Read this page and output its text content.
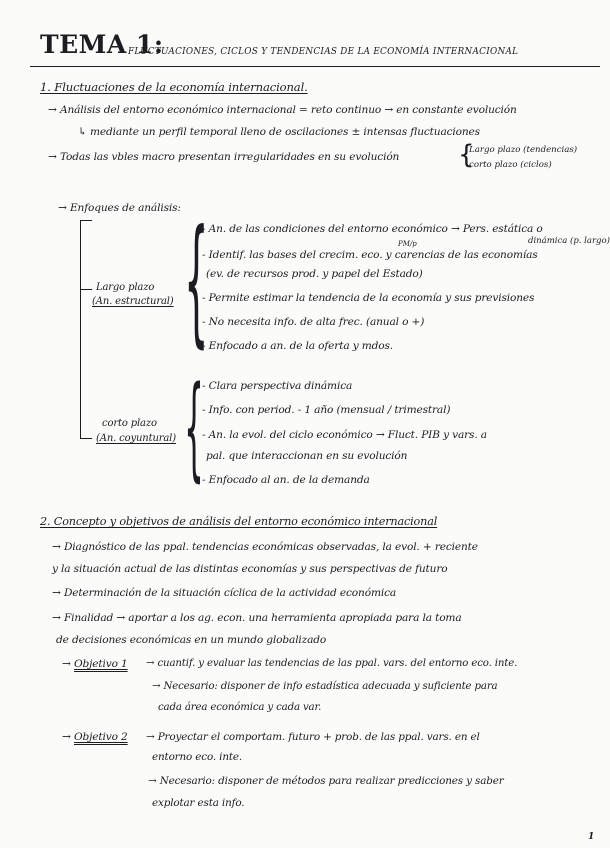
TEMA 1:
FLUCTUACIONES, CICLOS Y TENDENCIAS DE LA ECONOMÍA INTERNACIONAL
1. Fluctuaciones de la economía internacional.
→ Análisis del entorno económico internacional = reto continuo → en constante evolución
↳ mediante un perfil temporal lleno de oscilaciones ± intensas fluctuaciones
→ Todas las vbles macro presentan irregularidades en su evolución {
Largo plazo (tendencias)
corto plazo (ciclos)
→ Enfoques de análisis:
Largo plazo
(An. estructural) {
- An. de las condiciones del entorno económico → Pers. estática o
dinámica (p. largo)
PM/p
- Identif. las bases del crecim. eco. y carencias de las economías
(ev. de recursos prod. y papel del Estado)
- Permite estimar la tendencia de la economía y sus previsiones
- No necesita info. de alta frec. (anual o +)
- Enfocado a an. de la oferta y mdos.
corto plazo
(An. coyuntural) {
- Clara perspectiva dinámica
- Info. con period. - 1 año (mensual / trimestral)
- An. la evol. del ciclo económico → Fluct. PIB y vars. a
pal. que interaccionan en su evolución
- Enfocado al an. de la demanda
2. Concepto y objetivos de análisis del entorno económico internacional
→ Diagnóstico de las ppal. tendencias económicas observadas, la evol. + reciente
y la situación actual de las distintas economías y sus perspectivas de futuro
→ Determinación de la situación cíclica de la actividad económica
→ Finalidad → aportar a los ag. econ. una herramienta apropiada para la toma
de decisiones económicas en un mundo globalizado
→ Objetivo 1 → cuantif. y evaluar las tendencias de las ppal. vars. del entorno eco. inte.
→ Necesario: disponer de info estadística adecuada y suficiente para
cada área económica y cada var.
→ Objetivo 2 → Proyectar el comportam. futuro + prob. de las ppal. vars. en el
entorno eco. inte.
→ Necesario: disponer de métodos para realizar predicciones y saber
explotar esta info.
1
